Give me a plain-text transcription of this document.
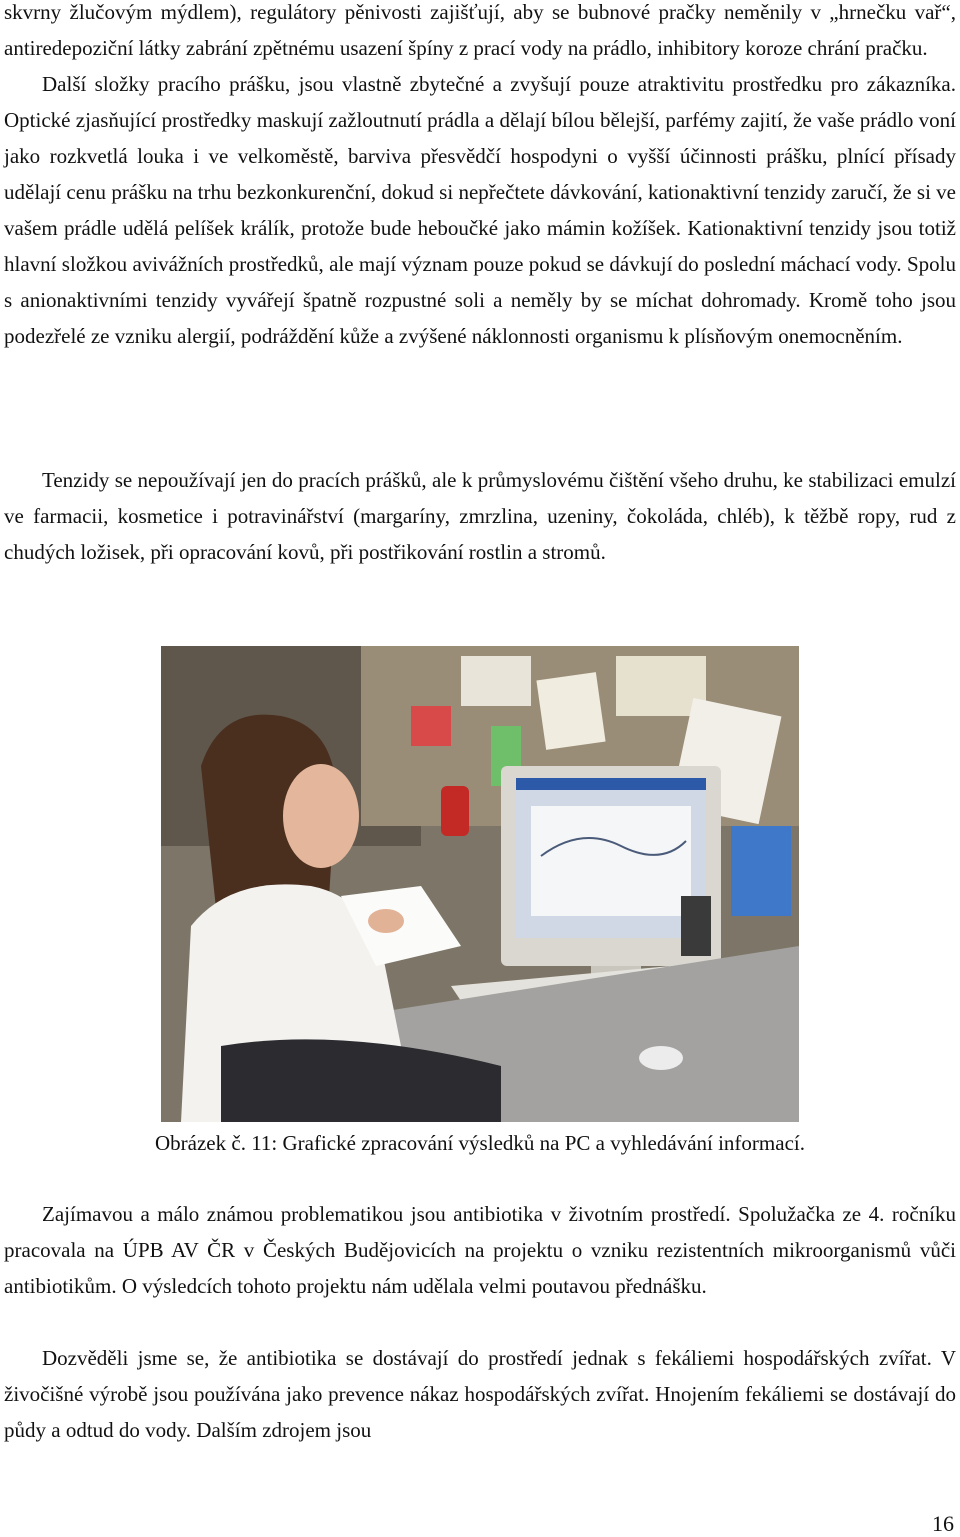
skvrny žlučovým mýdlem), regulátory pěnivosti zajišťují, aby se bubnové pračky neměnily v „hrnečku vař“, antiredepoziční látky zabrání zpětnému usazení špíny z prací vody na prádlo, inhibitory koroze chrání pračku.
Další složky pracího prášku, jsou vlastně zbytečné a zvyšují pouze atraktivitu prostředku pro zákazníka. Optické zjasňující prostředky maskují zažloutnutí prádla a dělají bílou bělejší, parfémy zajití, že vaše prádlo voní jako rozkvetlá louka i ve velkoměstě, barviva přesvědčí hospodyni o vyšší účinnosti prášku, plnící přísady udělají cenu prášku na trhu bezkonkurenční, dokud si nepřečtete dávkování, kationaktivní tenzidy zaručí, že si ve vašem prádle udělá pelíšek králík, protože bude heboučké jako mámin kožíšek. Kationaktivní tenzidy jsou totiž hlavní složkou avivážních prostředků, ale mají význam pouze pokud se dávkují do poslední máchací vody. Spolu s anionaktivními tenzidy vyvářejí špatně rozpustné soli a neměly by se míchat dohromady. Kromě toho jsou podezřelé ze vzniku alergií, podráždění kůže a zvýšené náklonnosti organismu k plísňovým onemocněním.

Tenzidy se nepoužívají jen do pracích prášků, ale k průmyslovému čištění všeho druhu, ke stabilizaci emulzí ve farmacii, kosmetice i potravinářství (margaríny, zmrzlina, uzeniny, čokoláda, chléb), k těžbě ropy, rud z chudých ložisek, při opracování kovů, při postřikování rostlin a stromů.

Obrázek č. 11: Grafické zpracování výsledků na PC a vyhledávání informací.

Zajímavou a málo známou problematikou jsou antibiotika v životním prostředí. Spolužačka ze 4. ročníku pracovala na ÚPB AV ČR v Českých Budějovicích na projektu o vzniku rezistentních mikroorganismů vůči antibiotikům. O výsledcích tohoto projektu nám udělala velmi poutavou přednášku.

Dozvěděli jsme se, že antibiotika se dostávají do prostředí jednak s fekáliemi hospodářských zvířat. V živočišné výrobě jsou používána jako prevence nákaz hospodářských zvířat. Hnojením fekáliemi se dostávají do půdy a odtud do vody. Dalším zdrojem jsou

16
